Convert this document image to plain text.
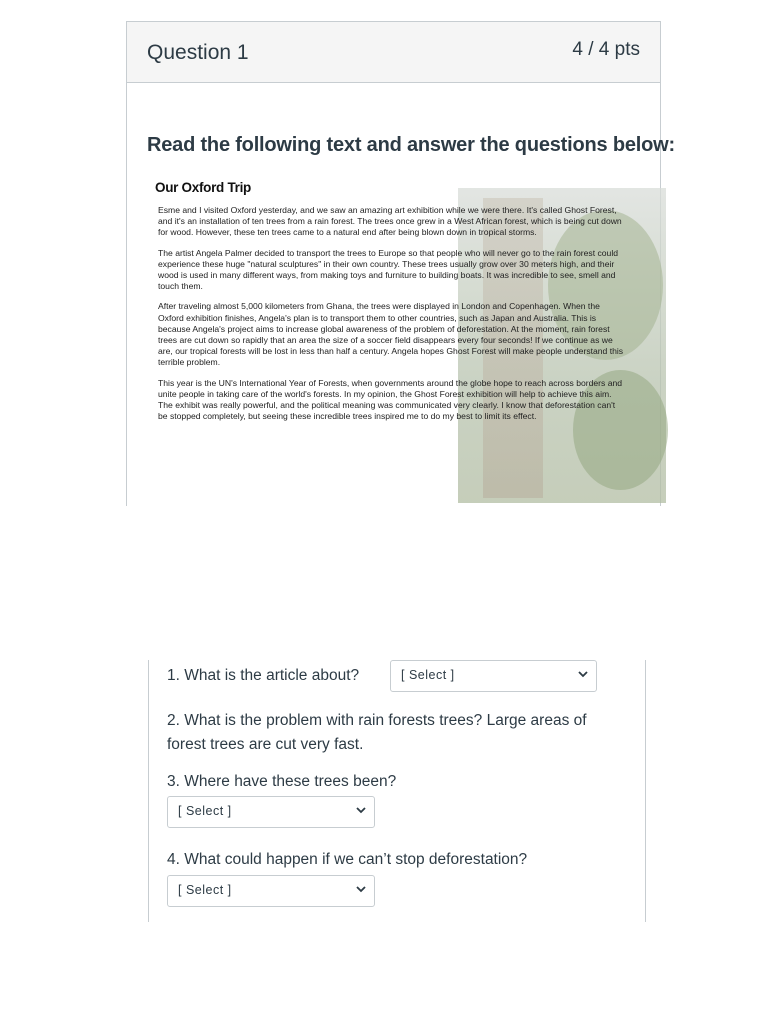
Question 1	4 / 4 pts
Read the following text and answer the questions below:
Our Oxford Trip

Esme and I visited Oxford yesterday, and we saw an amazing art exhibition while we were there. It's called Ghost Forest, and it's an installation of ten trees from a rain forest. The trees once grew in a West African forest, which is being cut down for wood. However, these ten trees came to a natural end after being blown down in tropical storms.

The artist Angela Palmer decided to transport the trees to Europe so that people who will never go to the rain forest could experience these huge "natural sculptures" in their own country. These trees usually grow over 30 meters high, and their wood is used in many different ways, from making toys and furniture to building boats. It was incredible to see, smell and touch them.

After traveling almost 5,000 kilometers from Ghana, the trees were displayed in London and Copenhagen. When the Oxford exhibition finishes, Angela's plan is to transport them to other countries, such as Japan and Australia. This is because Angela's project aims to increase global awareness of the problem of deforestation. At the moment, rain forest trees are cut down so rapidly that an area the size of a soccer field disappears every four seconds! If we continue as we are, our tropical forests will be lost in less than half a century. Angela hopes Ghost Forest will make people understand this terrible problem.

This year is the UN's International Year of Forests, when governments around the globe hope to reach across borders and unite people in taking care of the world's forests. In my opinion, the Ghost Forest exhibition will help to achieve this aim. The exhibit was really powerful, and the political meaning was communicated very clearly. I know that deforestation can't be stopped completely, but seeing these incredible trees inspired me to do my best to limit its effect.

1. What is the article about?	[ Select ]
2. What is the problem with rain forests trees? Large areas of forest trees are cut very fast.
3. Where have these trees been?
[ Select ]
4. What could happen if we can’t stop deforestation?
[ Select ]
